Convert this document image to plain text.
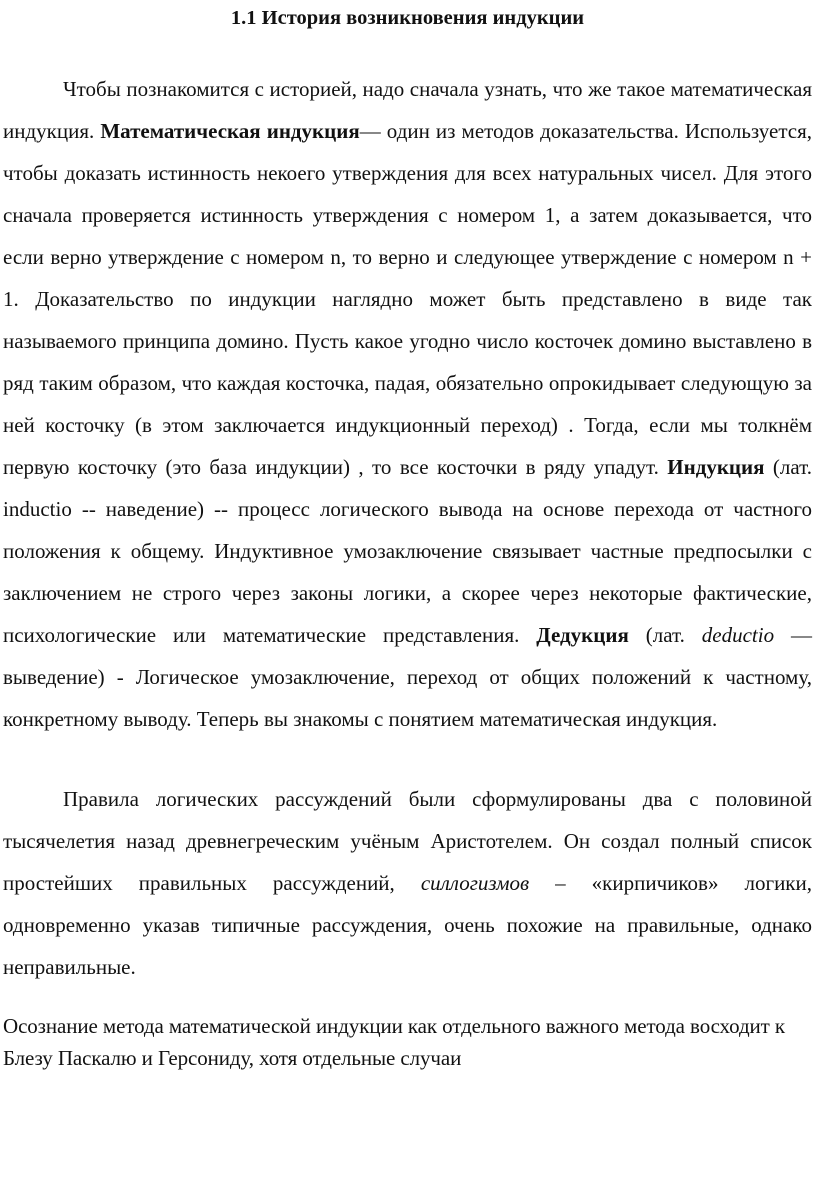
1.1 История возникновения индукции

Чтобы познакомится с историей, надо сначала узнать, что же такое математическая индукция. Математическая индукция— один из методов доказательства. Используется, чтобы доказать истинность некоего утверждения для всех натуральных чисел. Для этого сначала проверяется истинность утверждения с номером 1, а затем доказывается, что если верно утверждение с номером n, то верно и следующее утверждение с номером n + 1. Доказательство по индукции наглядно может быть представлено в виде так называемого принципа домино. Пусть какое угодно число косточек домино выставлено в ряд таким образом, что каждая косточка, падая, обязательно опрокидывает следующую за ней косточку (в этом заключается индукционный переход) . Тогда, если мы толкнём первую косточку (это база индукции) , то все косточки в ряду упадут. Индукция (лат. inductio -- наведение) -- процесс логического вывода на основе перехода от частного положения к общему. Индуктивное умозаключение связывает частные предпосылки с заключением не строго через законы логики, а скорее через некоторые фактические, психологические или математические представления. Дедукция (лат. deductio — выведение) - Логическое умозаключение, переход от общих положений к частному, конкретному выводу. Теперь вы знакомы с понятием математическая индукция.

Правила логических рассуждений были сформулированы два с половиной тысячелетия назад древнегреческим учёным Аристотелем. Он создал полный список простейших правильных рассуждений, силлогизмов – «кирпичиков» логики, одновременно указав типичные рассуждения, очень похожие на правильные, однако неправильные.

Осознание метода математической индукции как отдельного важного метода восходит к Блезу Паскалю и Герсониду, хотя отдельные случаи
